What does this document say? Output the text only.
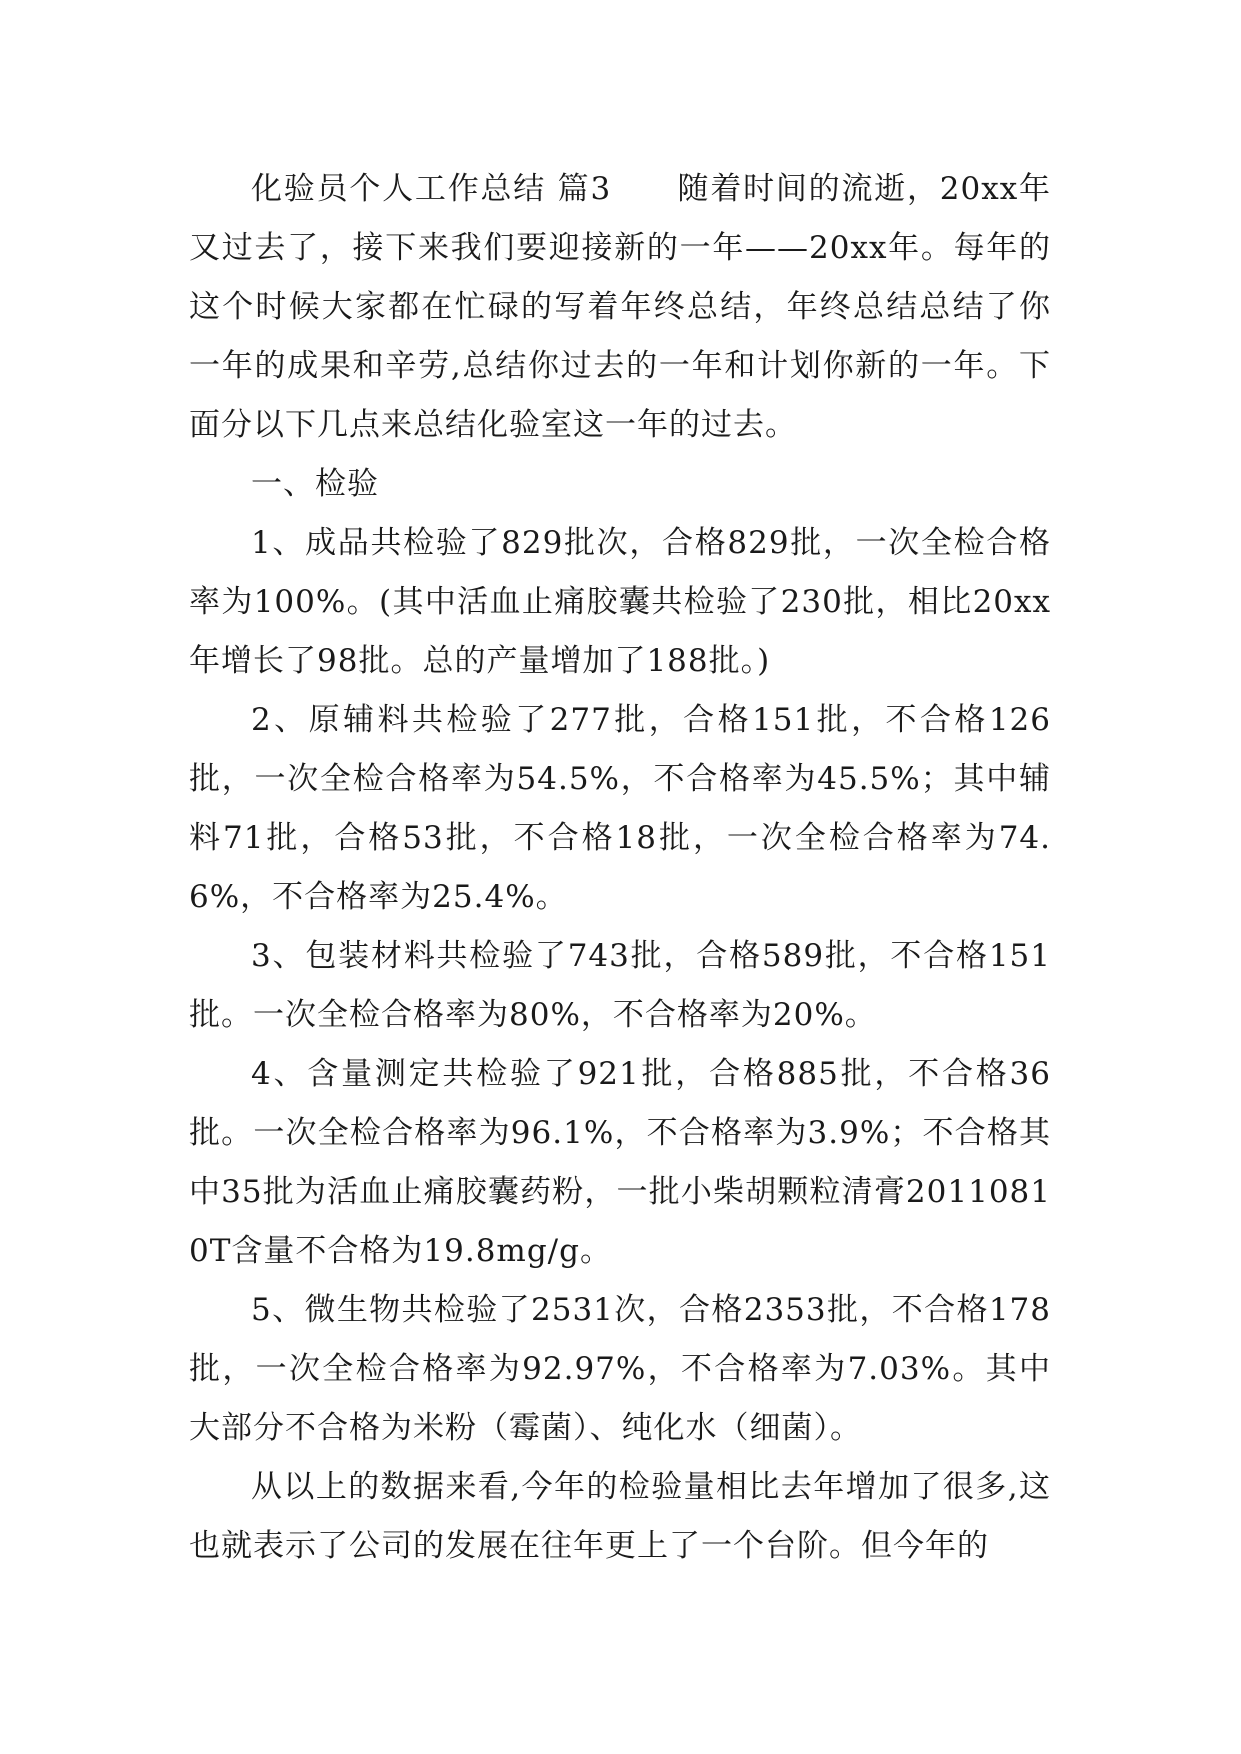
化验员个人工作总结 篇3　　随着时间的流逝，20xx年又过去了，接下来我们要迎接新的一年——20xx年。每年的这个时候大家都在忙碌的写着年终总结，年终总结总结了你一年的成果和辛劳,总结你过去的一年和计划你新的一年。下面分以下几点来总结化验室这一年的过去。

一、检验

1、成品共检验了829批次，合格829批，一次全检合格率为100%。(其中活血止痛胶囊共检验了230批，相比20xx年增长了98批。总的产量增加了188批。)

2、原辅料共检验了277批，合格151批，不合格126批，一次全检合格率为54.5%，不合格率为45.5%；其中辅料71批，合格53批，不合格18批，一次全检合格率为74.6%，不合格率为25.4%。

3、包装材料共检验了743批，合格589批，不合格151批。一次全检合格率为80%，不合格率为20%。

4、含量测定共检验了921批，合格885批，不合格36批。一次全检合格率为96.1%，不合格率为3.9%；不合格其中35批为活血止痛胶囊药粉，一批小柴胡颗粒清膏20110810T含量不合格为19.8mg/g。

5、微生物共检验了2531次，合格2353批，不合格178批，一次全检合格率为92.97%，不合格率为7.03%。其中大部分不合格为米粉（霉菌）、纯化水（细菌）。

从以上的数据来看,今年的检验量相比去年增加了很多,这也就表示了公司的发展在往年更上了一个台阶。但今年的
